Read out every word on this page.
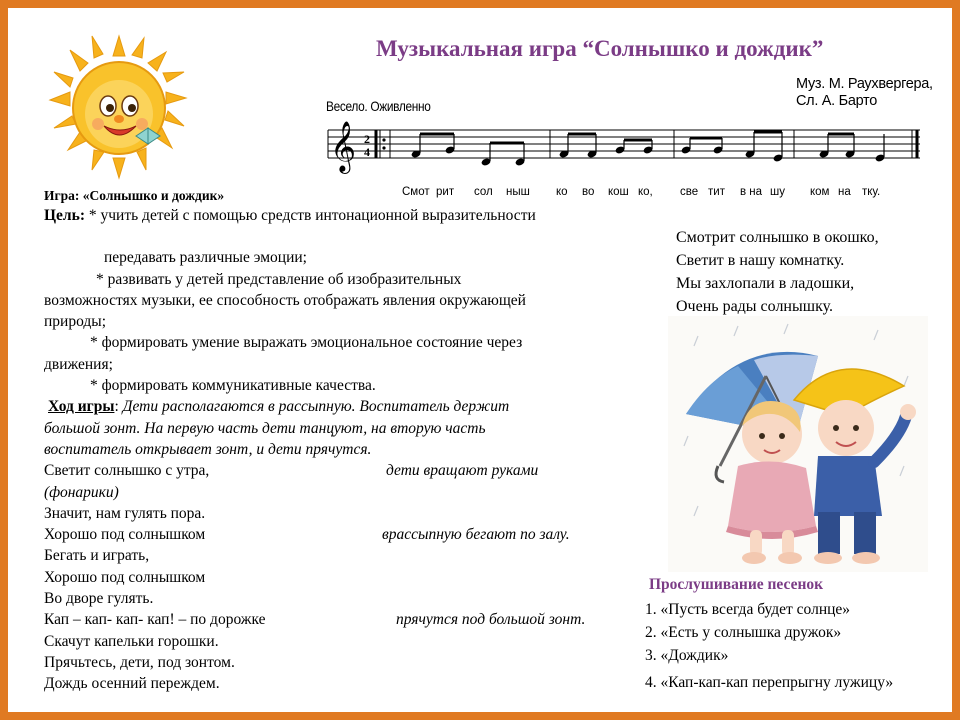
Музыкальная игра “Солнышко и дождик”
Муз. М. Раухвергера,
Сл. А. Барто
Весело. Оживленно
𝄞 2
4
Смот рит сол ныш ко во кош ко, све тит в на шу ком на тку.
Игра: «Солнышко и дождик»

Цель: * учить детей с помощью средств интонационной выразительности

передавать различные эмоции;

* развивать у детей представление об изобразительных

возможностях музыки, ее способность отображать явления окружающей

природы;

* формировать умение выражать эмоциональное состояние через

движения;

* формировать коммуникативные качества.

Ход игры: Дети располагаются в рассыпную. Воспитатель держит

большой зонт. На первую часть дети танцуют, на вторую часть

воспитатель открывает зонт, и дети прячутся.

Светит солнышко с утра,	дети вращают руками

(фонарики)

Значит, нам гулять пора.

Хорошо под солнышком	врассыпную бегают по залу.

Бегать и играть,

Хорошо под солнышком

Во дворе гулять.

Кап – кап- кап- кап! – по дорожке	прячутся под большой зонт.

Скачут капельки горошки.

Прячьтесь, дети, под зонтом.

Дождь осенний переждем.

Смотрит солнышко в окошко,
Светит в нашу комнатку.
Мы захлопали в ладошки,
Очень рады солнышку.
Прослушивание песенок
1. «Пусть всегда будет солнце»
2. «Есть у солнышка дружок»
3. «Дождик»
4. «Кап-кап-кап перепрыгну лужицу»
